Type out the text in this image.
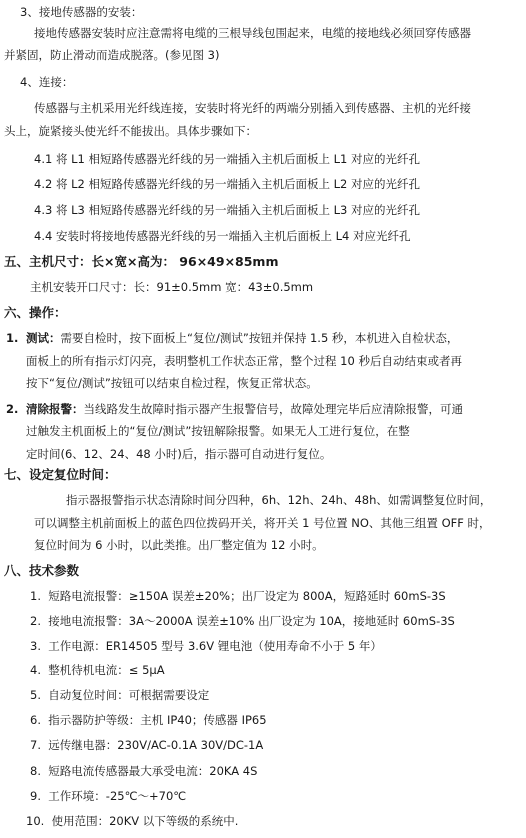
3、接地传感器的安装：
接地传感器安装时应注意需将电缆的三根导线包围起来，电缆的接地线必须回穿传感器
并紧固，防止滑动而造成脱落。(参见图 3)
4、连接：
传感器与主机采用光纤线连接，安装时将光纤的两端分别插入到传感器、主机的光纤接
头上，旋紧接头使光纤不能拔出。具体步骤如下：
4.1 将 L1 相短路传感器光纤线的另一端插入主机后面板上 L1 对应的光纤孔
4.2 将 L2 相短路传感器光纤线的另一端插入主机后面板上 L2 对应的光纤孔
4.3 将 L3 相短路传感器光纤线的另一端插入主机后面板上 L3 对应的光纤孔
4.4 安装时将接地传感器光纤线的另一端插入主机后面板上 L4 对应光纤孔
五、主机尺寸：长×宽×高为： 96×49×85mm
主机安装开口尺寸：长：91±0.5mm 宽：43±0.5mm
六、操作：
1. 测试：需要自检时，按下面板上“复位/测试”按钮并保持 1.5 秒，本机进入自检状态，
面板上的所有指示灯闪亮，表明整机工作状态正常，整个过程 10 秒后自动结束或者再
按下“复位/测试”按钮可以结束自检过程，恢复正常状态。
2. 清除报警：当线路发生故障时指示器产生报警信号，故障处理完毕后应清除报警，可通
过触发主机面板上的“复位/测试”按钮解除报警。如果无人工进行复位，在整
定时间(6、12、24、48 小时)后，指示器可自动进行复位。
七、设定复位时间：
指示器报警指示状态清除时间分四种，6h、12h、24h、48h、如需调整复位时间，
可以调整主机前面板上的蓝色四位拨码开关，将开关 1 号位置 NO、其他三组置 OFF 时，
复位时间为 6 小时，以此类推。出厂整定值为 12 小时。
八、技术参数
1. 短路电流报警：≥150A 误差±20%；出厂设定为 800A，短路延时 60mS-3S
2. 接地电流报警：3A～2000A 误差±10% 出厂设定为 10A，接地延时 60mS-3S
3. 工作电源：ER14505 型号 3.6V 锂电池（使用寿命不小于 5 年）
4. 整机待机电流：≤ 5μA
5. 自动复位时间：可根据需要设定
6. 指示器防护等级：主机 IP40；传感器 IP65
7. 远传继电器：230V/AC-0.1A 30V/DC-1A
8. 短路电流传感器最大承受电流：20KA 4S
9. 工作环境：-25℃～+70℃
10. 使用范围：20KV 以下等级的系统中.
